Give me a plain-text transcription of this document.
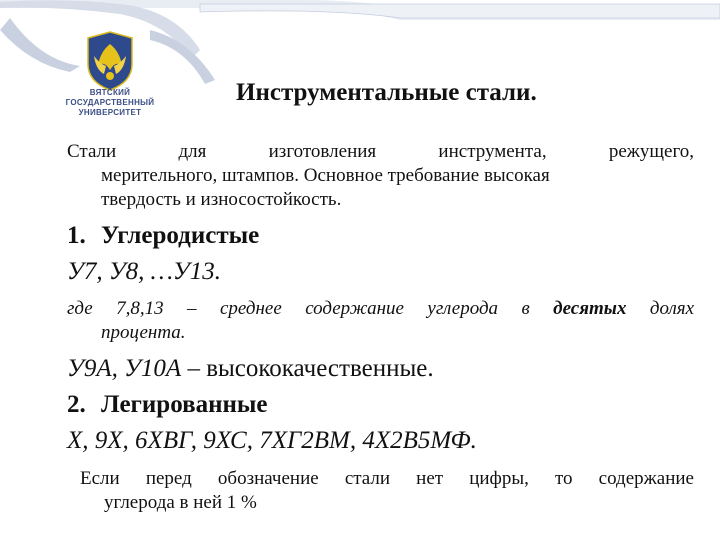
ВЯТСКИЙ
ГОСУДАРСТВЕННЫЙ
УНИВЕРСИТЕТ
Инструментальные стали.
Стали	для	изготовления	инструмента,	режущего,
мерительного, штампов. Основное требование высокая
твердость и износостойкость.
1. Углеродистые
У7, У8, …У13.
где 7,8,13 – среднее содержание углерода в десятых долях
процента.
У9А, У10А – высококачественные.
2. Легированные
Х, 9Х, 6ХВГ, 9ХС, 7ХГ2ВМ, 4Х2В5МФ.
Если перед обозначение стали нет цифры, то содержание
углерода в ней 1 %
